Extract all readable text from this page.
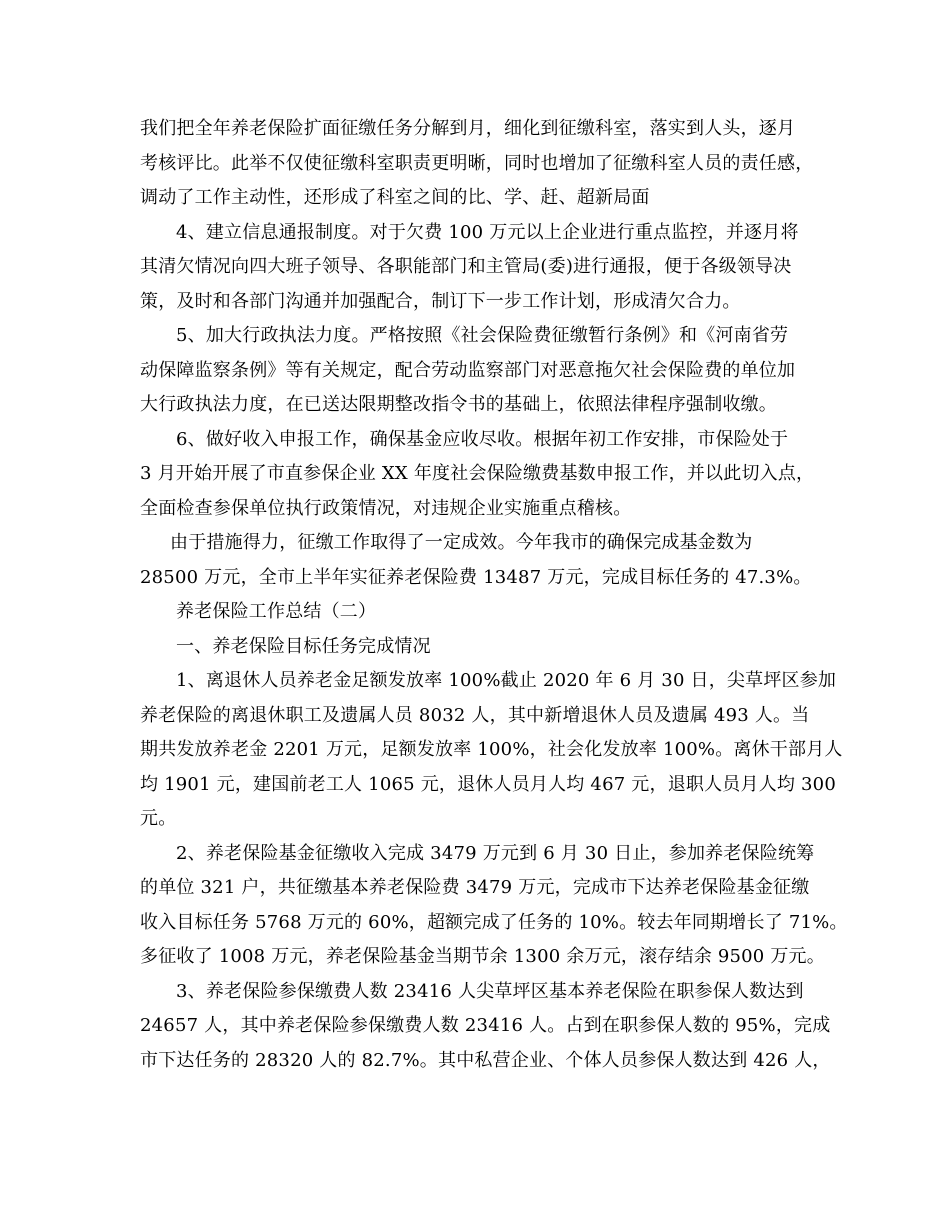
我们把全年养老保险扩面征缴任务分解到月，细化到征缴科室，落实到人头，逐月
考核评比。此举不仅使征缴科室职责更明晰，同时也增加了征缴科室人员的责任感，
调动了工作主动性，还形成了科室之间的比、学、赶、超新局面
4、建立信息通报制度。对于欠费 100 万元以上企业进行重点监控，并逐月将
其清欠情况向四大班子领导、各职能部门和主管局(委)进行通报，便于各级领导决
策，及时和各部门沟通并加强配合，制订下一步工作计划，形成清欠合力。
5、加大行政执法力度。严格按照《社会保险费征缴暂行条例》和《河南省劳
动保障监察条例》等有关规定，配合劳动监察部门对恶意拖欠社会保险费的单位加
大行政执法力度，在已送达限期整改指令书的基础上，依照法律程序强制收缴。
6、做好收入申报工作，确保基金应收尽收。根据年初工作安排，市保险处于
3 月开始开展了市直参保企业 XX 年度社会保险缴费基数申报工作，并以此切入点，
全面检查参保单位执行政策情况，对违规企业实施重点稽核。
由于措施得力，征缴工作取得了一定成效。今年我市的确保完成基金数为
28500 万元，全市上半年实征养老保险费 13487 万元，完成目标任务的 47.3%。
养老保险工作总结（二）
一、养老保险目标任务完成情况
1、离退休人员养老金足额发放率 100%截止 2020 年 6 月 30 日，尖草坪区参加
养老保险的离退休职工及遗属人员 8032 人，其中新增退休人员及遗属 493 人。当
期共发放养老金 2201 万元，足额发放率 100%，社会化发放率 100%。离休干部月人
均 1901 元，建国前老工人 1065 元，退休人员月人均 467 元，退职人员月人均 300
元。
2、养老保险基金征缴收入完成 3479 万元到 6 月 30 日止，参加养老保险统筹
的单位 321 户，共征缴基本养老保险费 3479 万元，完成市下达养老保险基金征缴
收入目标任务 5768 万元的 60%，超额完成了任务的 10%。较去年同期增长了 71%。
多征收了 1008 万元，养老保险基金当期节余 1300 余万元，滚存结余 9500 万元。
3、养老保险参保缴费人数 23416 人尖草坪区基本养老保险在职参保人数达到
24657 人，其中养老保险参保缴费人数 23416 人。占到在职参保人数的 95%，完成
市下达任务的 28320 人的 82.7%。其中私营企业、个体人员参保人数达到 426 人，
